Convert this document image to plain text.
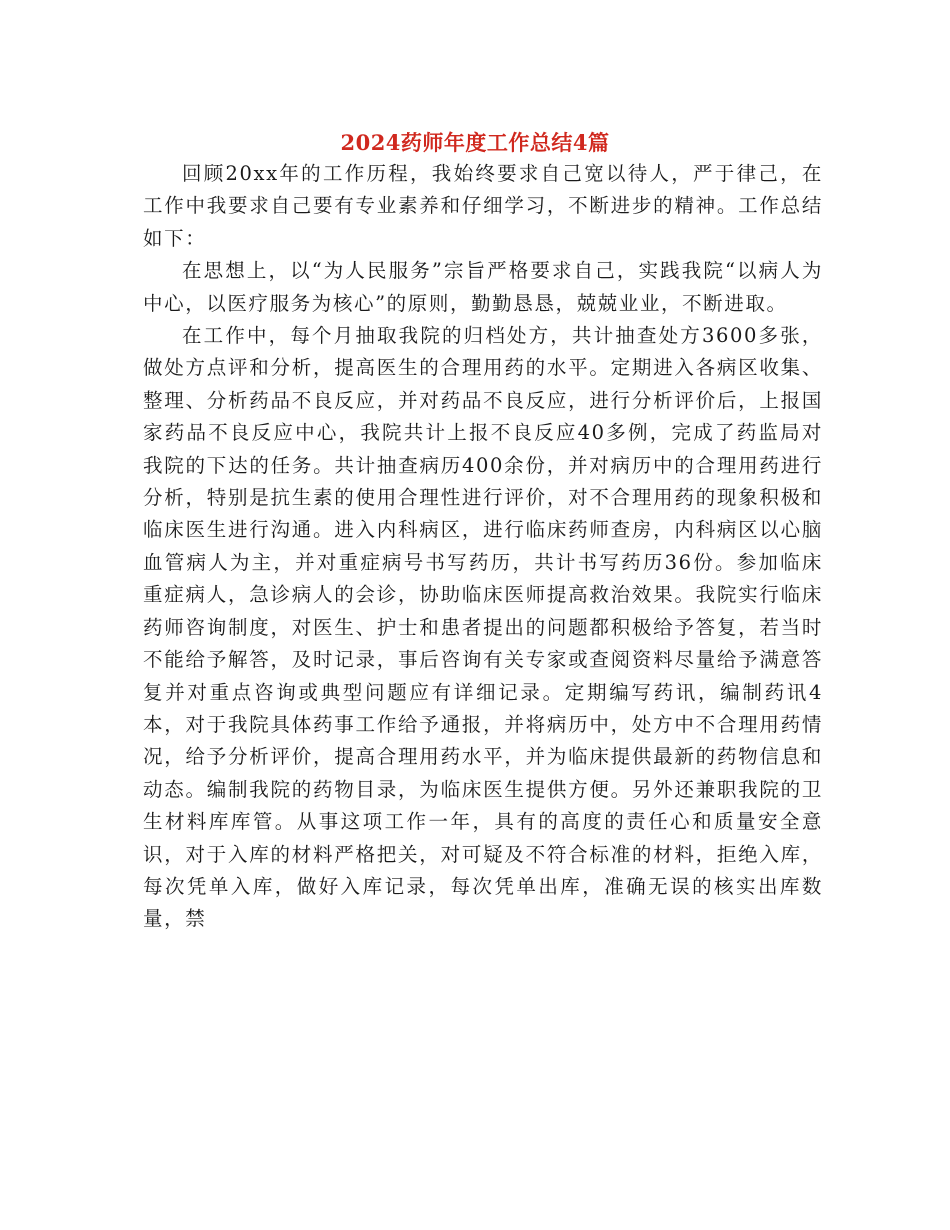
2024药师年度工作总结4篇

回顾20xx年的工作历程，我始终要求自己宽以待人，严于律己，在工作中我要求自己要有专业素养和仔细学习，不断进步的精神。工作总结如下：

在思想上，以“为人民服务”宗旨严格要求自己，实践我院“以病人为中心，以医疗服务为核心”的原则，勤勤恳恳，兢兢业业，不断进取。

在工作中，每个月抽取我院的归档处方，共计抽查处方3600多张，做处方点评和分析，提高医生的合理用药的水平。定期进入各病区收集、整理、分析药品不良反应，并对药品不良反应，进行分析评价后，上报国家药品不良反应中心，我院共计上报不良反应40多例，完成了药监局对我院的下达的任务。共计抽查病历400余份，并对病历中的合理用药进行分析，特别是抗生素的使用合理性进行评价，对不合理用药的现象积极和临床医生进行沟通。进入内科病区，进行临床药师查房，内科病区以心脑血管病人为主，并对重症病号书写药历，共计书写药历36份。参加临床重症病人，急诊病人的会诊，协助临床医师提高救治效果。我院实行临床药师咨询制度，对医生、护士和患者提出的问题都积极给予答复，若当时不能给予解答，及时记录，事后咨询有关专家或查阅资料尽量给予满意答复并对重点咨询或典型问题应有详细记录。定期编写药讯，编制药讯4本，对于我院具体药事工作给予通报，并将病历中，处方中不合理用药情况，给予分析评价，提高合理用药水平，并为临床提供最新的药物信息和动态。编制我院的药物目录，为临床医生提供方便。另外还兼职我院的卫生材料库库管。从事这项工作一年，具有的高度的责任心和质量安全意识，对于入库的材料严格把关，对可疑及不符合标准的材料，拒绝入库，每次凭单入库，做好入库记录，每次凭单出库，准确无误的核实出库数量，禁
